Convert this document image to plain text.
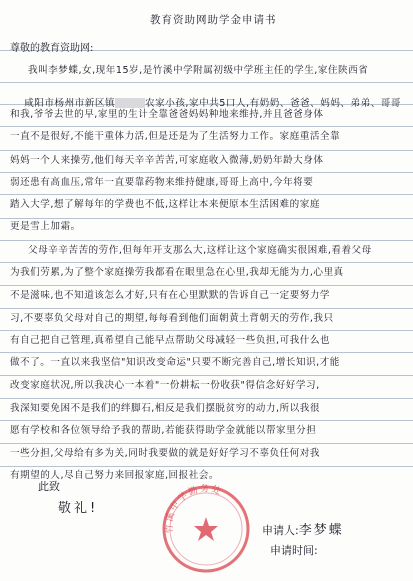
教育资助网助学金申请书
尊敬的教育资助网:
我叫李梦蝶,女,现年15岁,是竹溪中学附属初级中学班主任的学生,家住陕西省

咸阳市杨州市新区镇	农家小孩,家中共5口人,有奶奶、爸爸、妈妈、弟弟、哥哥

和我,爷爷去世的早,家里的生计全靠爸爸妈妈种地来维持,并且爸爸身体
一直不是很好,不能干重体力活,但是还是为了生活努力工作。家庭重活全靠
妈妈一个人来操劳,他们每天辛辛苦苦,可家庭收入微薄,奶奶年龄大身体
弱还患有高血压,常年一直要靠药物来维持健康,哥哥上高中,今年将要
踏入大学,想了解每年的学费也不低,这样让本来便原本生活困难的家庭
更是雪上加霜。
父母辛辛苦苦的劳作,但每年开支那么大,这样让这个家庭确实很困难,看着父母
为我们劳累,为了整个家庭操劳我都看在眼里急在心里,我却无能为力,心里真
不是滋味,也不知道该怎么才好,只有在心里默默的告诉自己一定要努力学
习,不要辜负父母对自己的期望,每每看到他们面朝黄土背朝天的劳作,我只
有自己把自己管理,真希望自己能早点帮助父母减轻一些负担,可我什么也
做不了。一直以来我坚信"知识改变命运"只要不断完善自己,增长知识,才能
改变家庭状况,所以我决心一本着"一份耕耘一份收获"得信念好好学习,
我深知要免困不是我们的绊脚石,相反是我们摆脱贫穷的动力,所以我很
愿有学校和各位领导给予我的帮助,若能获得助学金就能以帮家里分担
一些分担,父母给有多为关,同时我要做的就是好好学习不辜负任何对我
有期望的人,尽自己努力来回报家庭,回报社会。
此致
敬礼!
竹溪中学勤务处
申请人:李梦蝶
申请时间:
